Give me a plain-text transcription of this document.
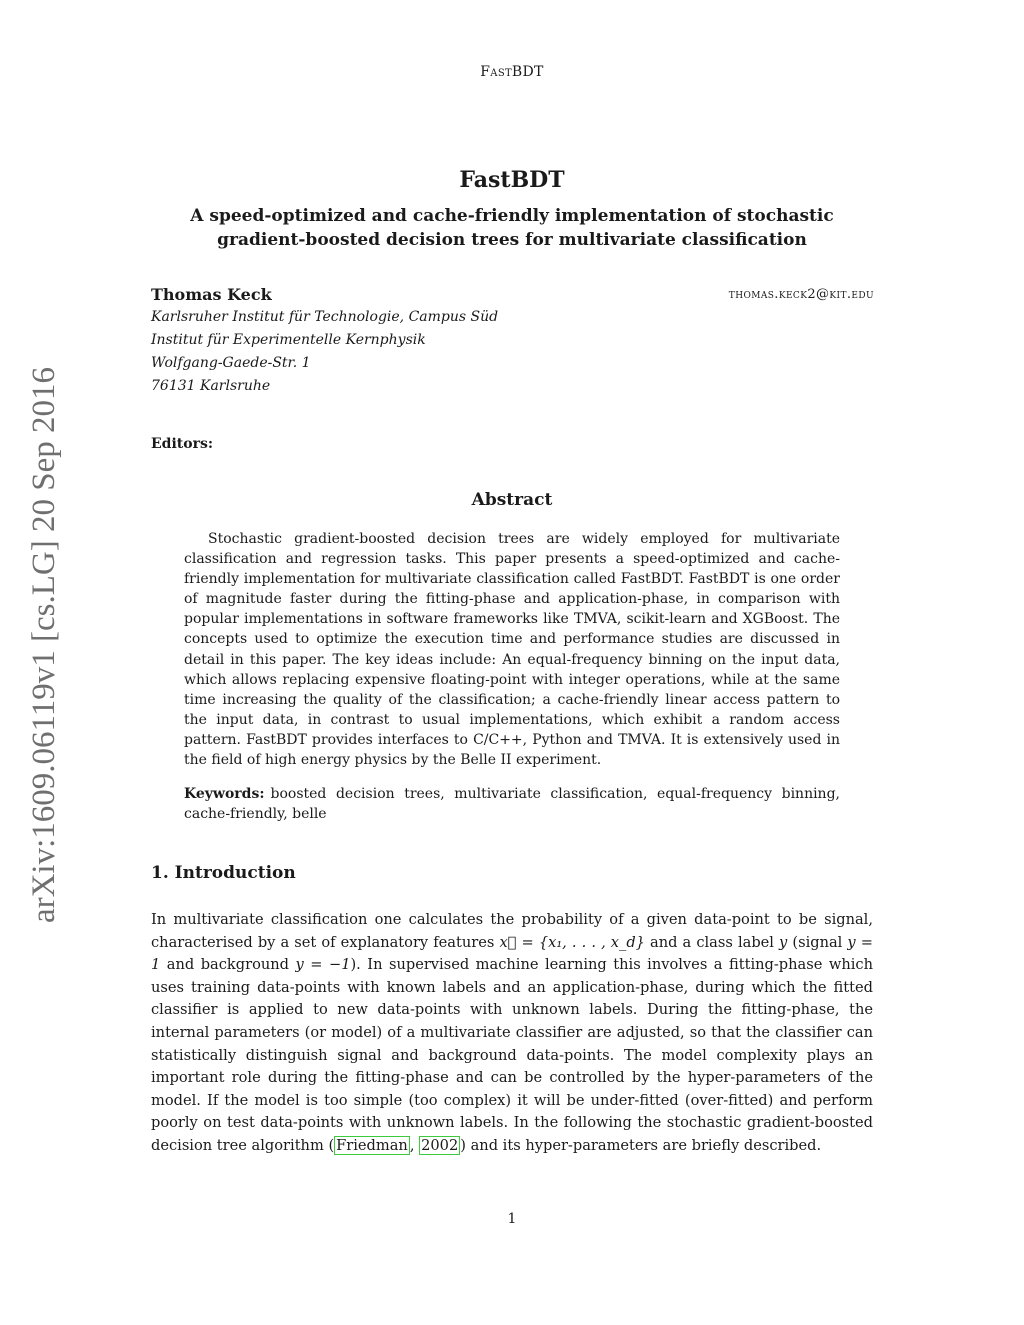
FastBDT
arXiv:1609.06119v1 [cs.LG] 20 Sep 2016
FastBDT
A speed-optimized and cache-friendly implementation of stochastic gradient-boosted decision trees for multivariate classification
Thomas Keck	thomas.keck2@kit.edu
Karlsruher Institut für Technologie, Campus Süd
Institut für Experimentelle Kernphysik
Wolfgang-Gaede-Str. 1
76131 Karlsruhe
Editors:
Abstract

Stochastic gradient-boosted decision trees are widely employed for multivariate classification and regression tasks. This paper presents a speed-optimized and cache-friendly implementation for multivariate classification called FastBDT. FastBDT is one order of magnitude faster during the fitting-phase and application-phase, in comparison with popular implementations in software frameworks like TMVA, scikit-learn and XGBoost. The concepts used to optimize the execution time and performance studies are discussed in detail in this paper. The key ideas include: An equal-frequency binning on the input data, which allows replacing expensive floating-point with integer operations, while at the same time increasing the quality of the classification; a cache-friendly linear access pattern to the input data, in contrast to usual implementations, which exhibit a random access pattern. FastBDT provides interfaces to C/C++, Python and TMVA. It is extensively used in the field of high energy physics by the Belle II experiment.

Keywords: boosted decision trees, multivariate classification, equal-frequency binning, cache-friendly, belle

1. Introduction

In multivariate classification one calculates the probability of a given data-point to be signal, characterised by a set of explanatory features x⃗ = {x₁, . . . , x_d} and a class label y (signal y = 1 and background y = −1). In supervised machine learning this involves a fitting-phase which uses training data-points with known labels and an application-phase, during which the fitted classifier is applied to new data-points with unknown labels. During the fitting-phase, the internal parameters (or model) of a multivariate classifier are adjusted, so that the classifier can statistically distinguish signal and background data-points. The model complexity plays an important role during the fitting-phase and can be controlled by the hyper-parameters of the model. If the model is too simple (too complex) it will be under-fitted (over-fitted) and perform poorly on test data-points with unknown labels. In the following the stochastic gradient-boosted decision tree algorithm ( Friedman , 2002 ) and its hyper-parameters are briefly described.

1
